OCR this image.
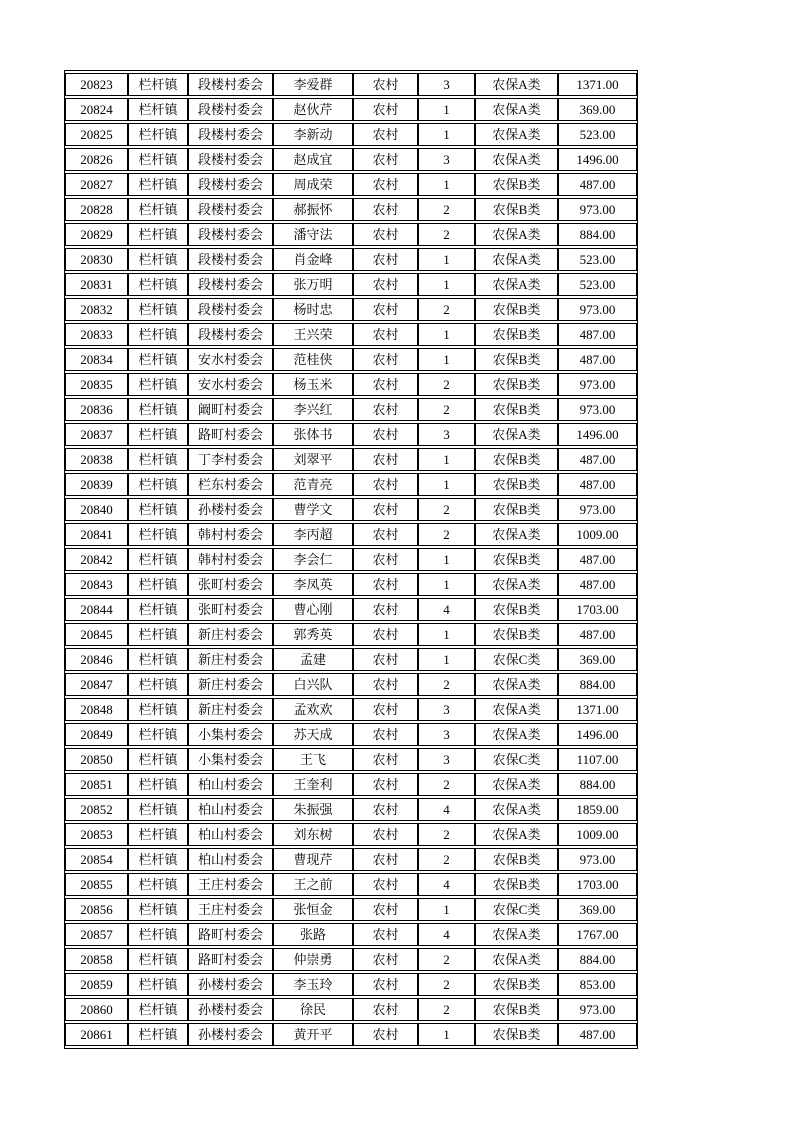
20823	栏杆镇	段楼村委会	李爱群	农村	3	农保A类	1371.00
20824	栏杆镇	段楼村委会	赵伙芹	农村	1	农保A类	369.00
20825	栏杆镇	段楼村委会	李新动	农村	1	农保A类	523.00
20826	栏杆镇	段楼村委会	赵成宜	农村	3	农保A类	1496.00
20827	栏杆镇	段楼村委会	周成荣	农村	1	农保B类	487.00
20828	栏杆镇	段楼村委会	郝振怀	农村	2	农保B类	973.00
20829	栏杆镇	段楼村委会	潘守法	农村	2	农保A类	884.00
20830	栏杆镇	段楼村委会	肖金峰	农村	1	农保A类	523.00
20831	栏杆镇	段楼村委会	张万明	农村	1	农保A类	523.00
20832	栏杆镇	段楼村委会	杨时忠	农村	2	农保B类	973.00
20833	栏杆镇	段楼村委会	王兴荣	农村	1	农保B类	487.00
20834	栏杆镇	安水村委会	范桂侠	农村	1	农保B类	487.00
20835	栏杆镇	安水村委会	杨玉米	农村	2	农保B类	973.00
20836	栏杆镇	阚町村委会	李兴红	农村	2	农保B类	973.00
20837	栏杆镇	路町村委会	张体书	农村	3	农保A类	1496.00
20838	栏杆镇	丁李村委会	刘翠平	农村	1	农保B类	487.00
20839	栏杆镇	栏东村委会	范青亮	农村	1	农保B类	487.00
20840	栏杆镇	孙楼村委会	曹学文	农村	2	农保B类	973.00
20841	栏杆镇	韩村村委会	李丙超	农村	2	农保A类	1009.00
20842	栏杆镇	韩村村委会	李会仁	农村	1	农保B类	487.00
20843	栏杆镇	张町村委会	李凤英	农村	1	农保A类	487.00
20844	栏杆镇	张町村委会	曹心刚	农村	4	农保B类	1703.00
20845	栏杆镇	新庄村委会	郭秀英	农村	1	农保B类	487.00
20846	栏杆镇	新庄村委会	孟建	农村	1	农保C类	369.00
20847	栏杆镇	新庄村委会	白兴队	农村	2	农保A类	884.00
20848	栏杆镇	新庄村委会	孟欢欢	农村	3	农保A类	1371.00
20849	栏杆镇	小集村委会	苏天成	农村	3	农保A类	1496.00
20850	栏杆镇	小集村委会	王飞	农村	3	农保C类	1107.00
20851	栏杆镇	柏山村委会	王奎利	农村	2	农保A类	884.00
20852	栏杆镇	柏山村委会	朱振强	农村	4	农保A类	1859.00
20853	栏杆镇	柏山村委会	刘东树	农村	2	农保A类	1009.00
20854	栏杆镇	柏山村委会	曹现芹	农村	2	农保B类	973.00
20855	栏杆镇	王庄村委会	王之前	农村	4	农保B类	1703.00
20856	栏杆镇	王庄村委会	张恒金	农村	1	农保C类	369.00
20857	栏杆镇	路町村委会	张路	农村	4	农保A类	1767.00
20858	栏杆镇	路町村委会	仲崇勇	农村	2	农保A类	884.00
20859	栏杆镇	孙楼村委会	李玉玲	农村	2	农保B类	853.00
20860	栏杆镇	孙楼村委会	徐民	农村	2	农保B类	973.00
20861	栏杆镇	孙楼村委会	黄开平	农村	1	农保B类	487.00
